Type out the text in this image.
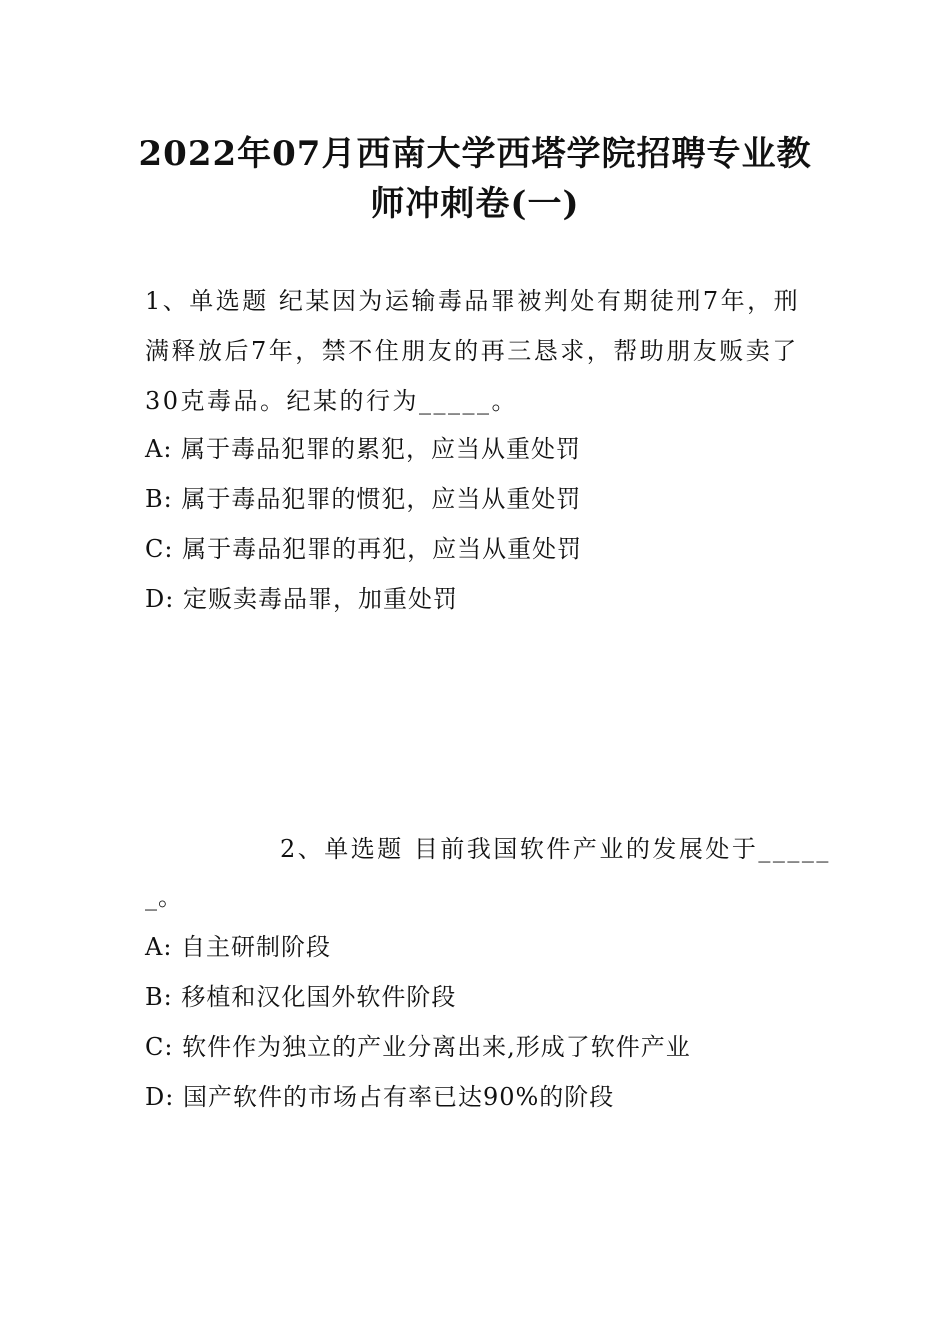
2022年07月西南大学西塔学院招聘专业教
师冲刺卷(一)
1、单选题 纪某因为运输毒品罪被判处有期徒刑7年，刑
满释放后7年，禁不住朋友的再三恳求，帮助朋友贩卖了
30克毒品。纪某的行为_____。
A: 属于毒品犯罪的累犯，应当从重处罚
B: 属于毒品犯罪的惯犯，应当从重处罚
C: 属于毒品犯罪的再犯，应当从重处罚
D: 定贩卖毒品罪，加重处罚
2、单选题 目前我国软件产业的发展处于_____
_。
A: 自主研制阶段
B: 移植和汉化国外软件阶段
C: 软件作为独立的产业分离出来,形成了软件产业
D: 国产软件的市场占有率已达90%的阶段
